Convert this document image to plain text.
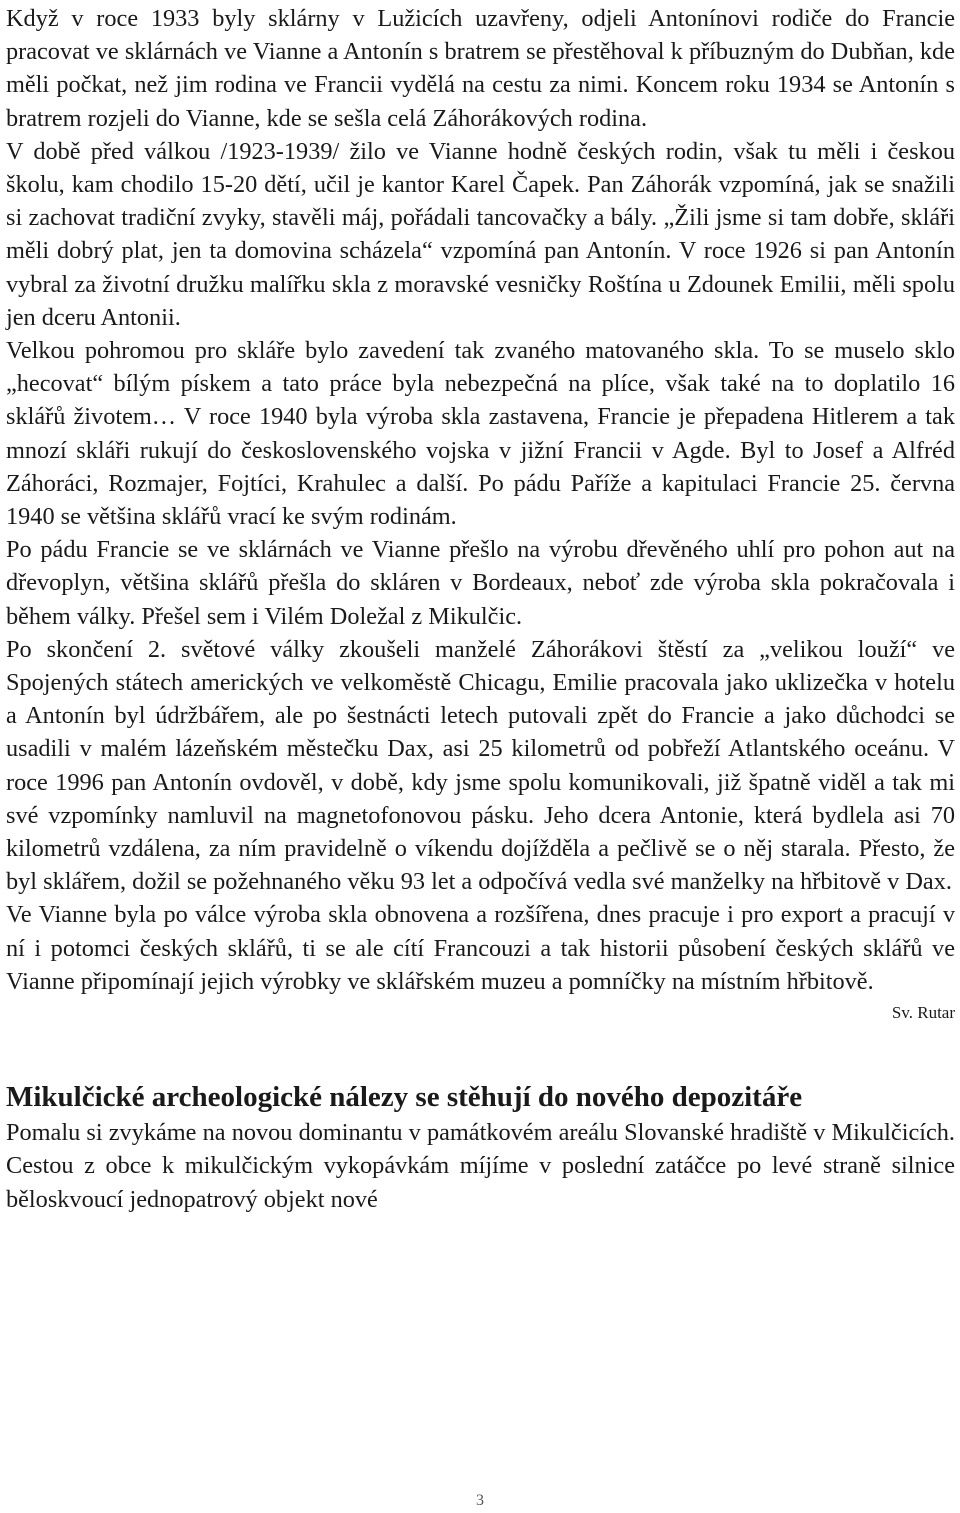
Když v roce 1933 byly sklárny v Lužicích uzavřeny, odjeli Antonínovi rodiče do Francie pracovat ve sklárnách ve Vianne a Antonín s bratrem se přestěhoval k příbuzným do Dubňan, kde měli počkat, než jim rodina ve Francii vydělá na cestu za nimi. Koncem roku 1934 se Antonín s bratrem rozjeli do Vianne, kde se sešla celá Záhorákových rodina.

V době před válkou /1923-1939/ žilo ve Vianne hodně českých rodin, však tu měli i českou školu, kam chodilo 15-20 dětí, učil je kantor Karel Čapek. Pan Záhorák vzpomíná, jak se snažili si zachovat tradiční zvyky, stavěli máj, pořádali tancovačky a bály. „Žili jsme si tam dobře, skláři měli dobrý plat, jen ta domovina scházela“ vzpomíná pan Antonín. V roce 1926 si pan Antonín vybral za životní družku malířku skla z moravské vesničky Roštína u Zdounek Emilii, měli spolu jen dceru Antonii.

Velkou pohromou pro skláře bylo zavedení tak zvaného matovaného skla. To se muselo sklo „hecovat“ bílým pískem a tato práce byla nebezpečná na plíce, však také na to doplatilo 16 sklářů životem… V roce 1940 byla výroba skla zastavena, Francie je přepadena Hitlerem a tak mnozí skláři rukují do československého vojska v jižní Francii v Agde. Byl to Josef a Alfréd Záhoráci, Rozmajer, Fojtíci, Krahulec a další. Po pádu Paříže a kapitulaci Francie 25. června 1940 se většina sklářů vrací ke svým rodinám.

Po pádu Francie se ve sklárnách ve Vianne přešlo na výrobu dřevěného uhlí pro pohon aut na dřevoplyn, většina sklářů přešla do skláren v Bordeaux, neboť zde výroba skla pokračovala i během války. Přešel sem i Vilém Doležal z Mikulčic.

Po skončení 2. světové války zkoušeli manželé Záhorákovi štěstí za „velikou louží“ ve Spojených státech amerických ve velkoměstě Chicagu, Emilie pracovala jako uklizečka v hotelu a Antonín byl údržbářem, ale po šestnácti letech putovali zpět do Francie a jako důchodci se usadili v malém lázeňském městečku Dax, asi 25 kilometrů od pobřeží Atlantského oceánu. V roce 1996 pan Antonín ovdověl, v době, kdy jsme spolu komunikovali, již špatně viděl a tak mi své vzpomínky namluvil na magnetofonovou pásku. Jeho dcera Antonie, která bydlela asi 70 kilometrů vzdálena, za ním pravidelně o víkendu dojížděla a pečlivě se o něj starala. Přesto, že byl sklářem, dožil se požehnaného věku 93 let a odpočívá vedla své manželky na hřbitově v Dax.

Ve Vianne byla po válce výroba skla obnovena a rozšířena, dnes pracuje i pro export a pracují v ní i potomci českých sklářů, ti se ale cítí Francouzi a tak historii působení českých sklářů ve Vianne připomínají jejich výrobky ve sklářském muzeu a pomníčky na místním hřbitově.

Sv. Rutar

Mikulčické archeologické nálezy se stěhují do nového depozitáře

Pomalu si zvykáme na novou dominantu v památkovém areálu Slovanské hradiště v Mikulčicích. Cestou z obce k mikulčickým vykopávkám míjíme v poslední zatáčce po levé straně silnice běloskvoucí jednopatrový objekt nové

3
